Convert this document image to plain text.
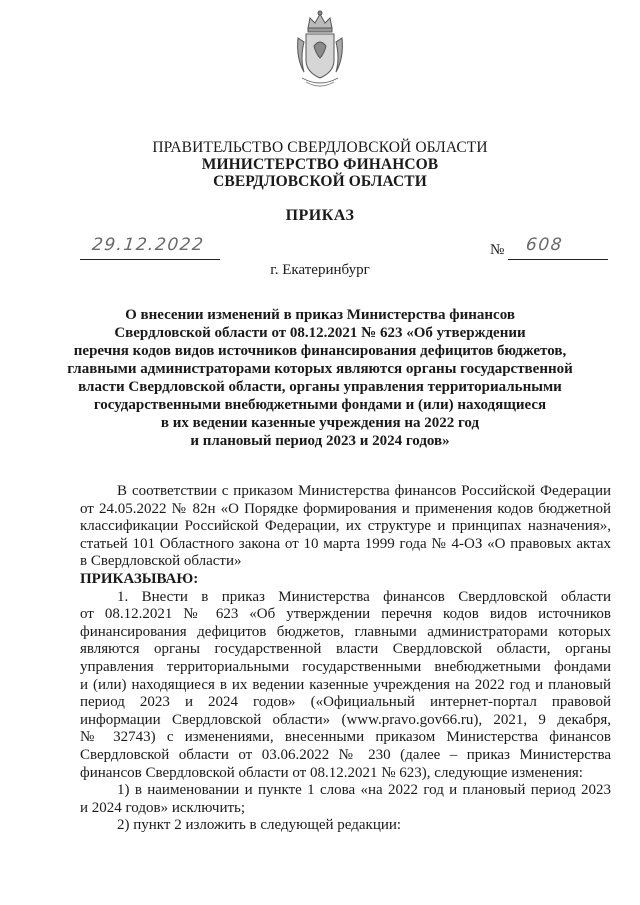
ПРАВИТЕЛЬСТВО СВЕРДЛОВСКОЙ ОБЛАСТИ
МИНИСТЕРСТВО ФИНАНСОВ
СВЕРДЛОВСКОЙ ОБЛАСТИ
ПРИКАЗ
29.12.2022	№ 608
г. Екатеринбург
О внесении изменений в приказ Министерства финансов
Свердловской области от 08.12.2021 № 623 «Об утверждении
перечня кодов видов источников финансирования дефицитов бюджетов,
главными администраторами которых являются органы государственной
власти Свердловской области, органы управления территориальными
государственными внебюджетными фондами и (или) находящиеся
в их ведении казенные учреждения на 2022 год
и плановый период 2023 и 2024 годов»
В соответствии с приказом Министерства финансов Российской Федерации
от 24.05.2022 № 82н «О Порядке формирования и применения кодов бюджетной
классификации Российской Федерации, их структуре и принципах назначения»,
статьей 101 Областного закона от 10 марта 1999 года № 4-ОЗ «О правовых актах
в Свердловской области»
ПРИКАЗЫВАЮ:
1. Внести в приказ Министерства финансов Свердловской области
от 08.12.2021 № 623 «Об утверждении перечня кодов видов источников
финансирования дефицитов бюджетов, главными администраторами которых
являются органы государственной власти Свердловской области, органы
управления территориальными государственными внебюджетными фондами
и (или) находящиеся в их ведении казенные учреждения на 2022 год и плановый
период 2023 и 2024 годов» («Официальный интернет-портал правовой
информации Свердловской области» (www.pravo.gov66.ru), 2021, 9 декабря,
№ 32743) с изменениями, внесенными приказом Министерства финансов
Свердловской области от 03.06.2022 № 230 (далее – приказ Министерства
финансов Свердловской области от 08.12.2021 № 623), следующие изменения:
1) в наименовании и пункте 1 слова «на 2022 год и плановый период 2023
и 2024 годов» исключить;
2) пункт 2 изложить в следующей редакции:
